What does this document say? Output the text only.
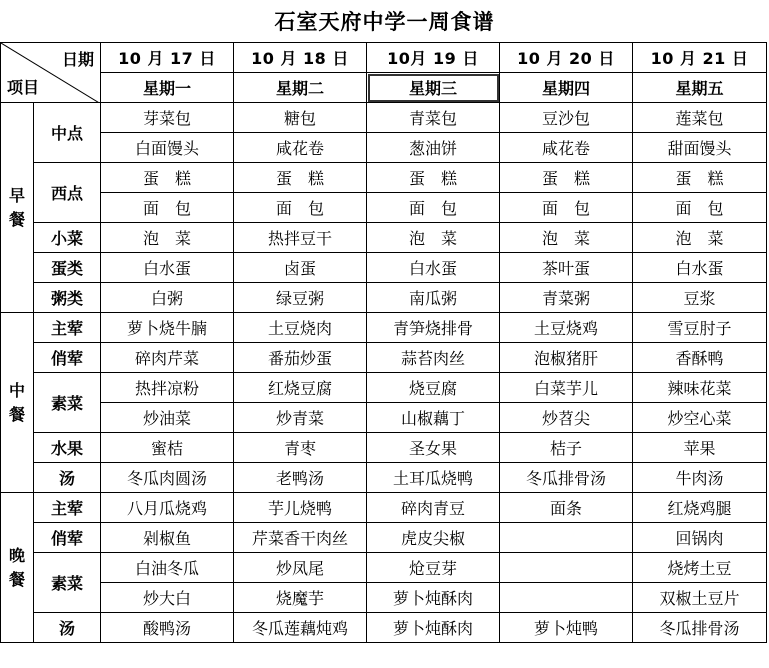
石室天府中学一周食谱
日期
项目		10 月 17 日	10 月 18 日	10月 19 日	10 月 20 日	10 月 21 日
		星期一	星期二	星期三	星期四	星期五

早
餐	中点	芽菜包	糖包	青菜包	豆沙包	莲菜包
		白面馒头	咸花卷	葱油饼	咸花卷	甜面馒头
	西点	蛋　糕	蛋　糕	蛋　糕	蛋　糕	蛋　糕
		面　包	面　包	面　包	面　包	面　包
	小菜	泡　菜	热拌豆干	泡　菜	泡　菜	泡　菜
	蛋类	白水蛋	卤蛋	白水蛋	茶叶蛋	白水蛋
	粥类	白粥	绿豆粥	南瓜粥	青菜粥	豆浆

中
餐	主荤	萝卜烧牛腩	土豆烧肉	青笋烧排骨	土豆烧鸡	雪豆肘子
	俏荤	碎肉芹菜	番茄炒蛋	蒜苔肉丝	泡椒猪肝	香酥鸭
	素菜	热拌凉粉	红烧豆腐	烧豆腐	白菜芋儿	辣味花菜
		炒油菜	炒青菜	山椒藕丁	炒苕尖	炒空心菜
	水果	蜜桔	青枣	圣女果	桔子	苹果
	汤	冬瓜肉圆汤	老鸭汤	土耳瓜烧鸭	冬瓜排骨汤	牛肉汤

晚
餐	主荤	八月瓜烧鸡	芋儿烧鸭	碎肉青豆	面条	红烧鸡腿
	俏荤	剁椒鱼	芹菜香干肉丝	虎皮尖椒		回锅肉
	素菜	白油冬瓜	炒凤尾	炝豆芽		烧烤土豆
		炒大白	烧魔芋	萝卜炖酥肉		双椒土豆片
	汤	酸鸭汤	冬瓜莲藕炖鸡	萝卜炖酥肉	萝卜炖鸭	冬瓜排骨汤
